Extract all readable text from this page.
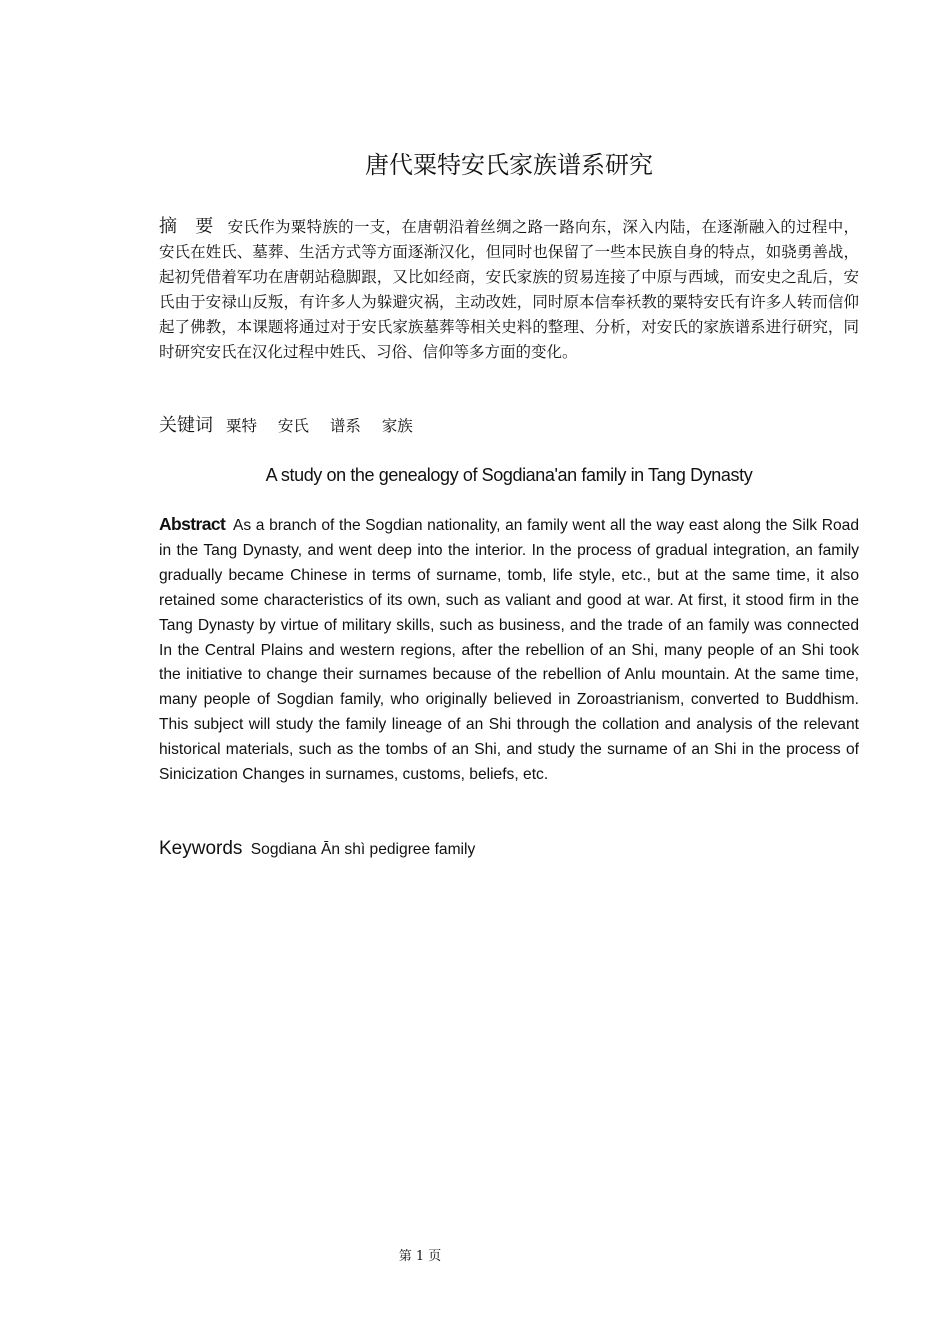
唐代粟特安氏家族谱系研究
摘 要 安氏作为粟特族的一支，在唐朝沿着丝绸之路一路向东，深入内陆，在逐渐融入的过程中，安氏在姓氏、墓葬、生活方式等方面逐渐汉化，但同时也保留了一些本民族自身的特点，如骁勇善战，起初凭借着军功在唐朝站稳脚跟，又比如经商，安氏家族的贸易连接了中原与西域，而安史之乱后，安氏由于安禄山反叛，有许多人为躲避灾祸，主动改姓，同时原本信奉袄教的粟特安氏有许多人转而信仰起了佛教，本课题将通过对于安氏家族墓葬等相关史料的整理、分析，对安氏的家族谱系进行研究，同时研究安氏在汉化过程中姓氏、习俗、信仰等多方面的变化。
关键词 粟特 安氏 谱系 家族
A study on the genealogy of Sogdiana'an family in Tang Dynasty
Abstract As a branch of the Sogdian nationality, an family went all the way east along the Silk Road in the Tang Dynasty, and went deep into the interior. In the process of gradual integration, an family gradually became Chinese in terms of surname, tomb, life style, etc., but at the same time, it also retained some characteristics of its own, such as valiant and good at war. At first, it stood firm in the Tang Dynasty by virtue of military skills, such as business, and the trade of an family was connected In the Central Plains and western regions, after the rebellion of an Shi, many people of an Shi took the initiative to change their surnames because of the rebellion of Anlu mountain. At the same time, many people of Sogdian family, who originally believed in Zoroastrianism, converted to Buddhism. This subject will study the family lineage of an Shi through the collation and analysis of the relevant historical materials, such as the tombs of an Shi, and study the surname of an Shi in the process of Sinicization Changes in surnames, customs, beliefs, etc.
Keywords Sogdiana Ān shì pedigree family
第 1 页
